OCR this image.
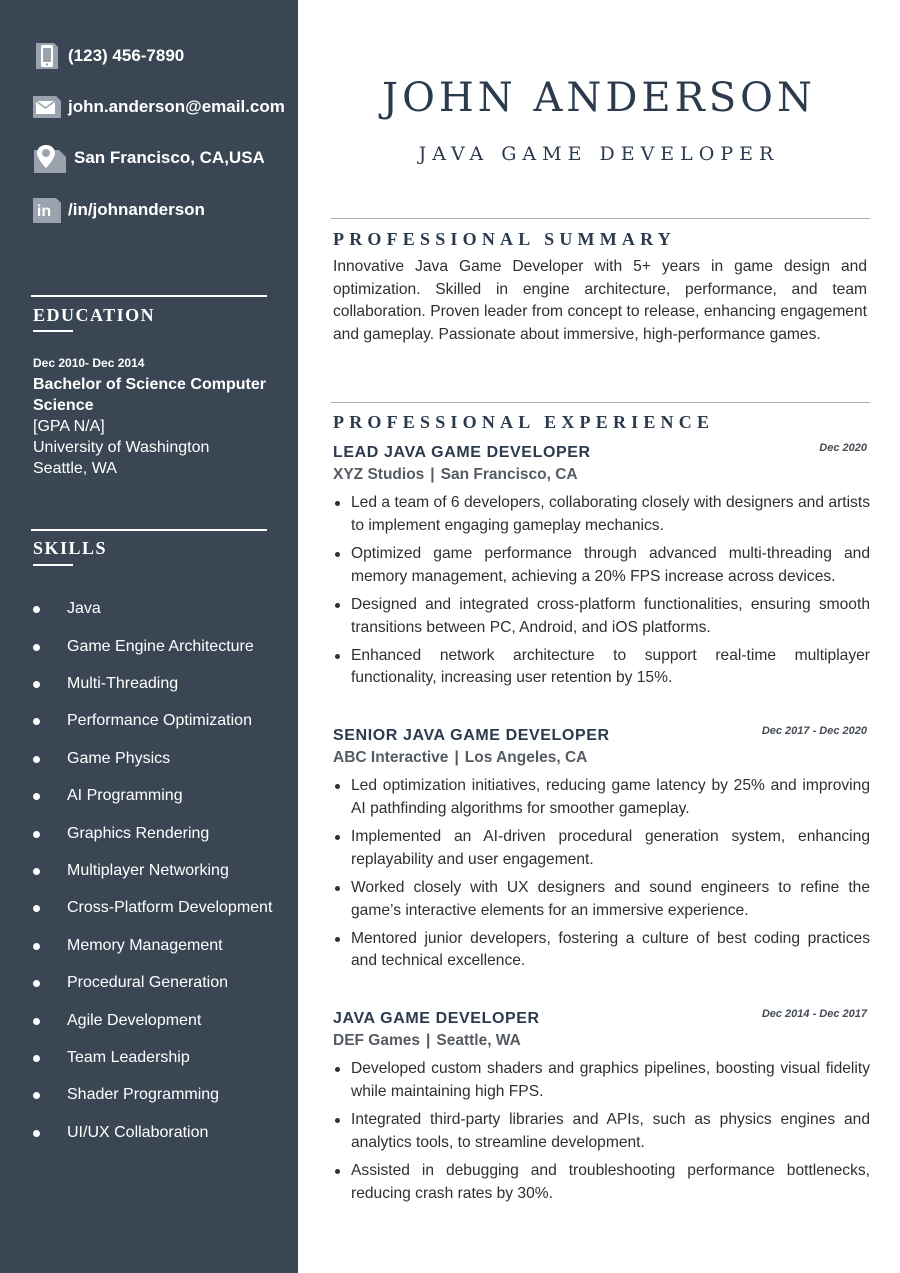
(123) 456-7890
john.anderson@email.com
San Francisco, CA,USA
in /in/johnanderson
EDUCATION
Dec 2010- Dec 2014
Bachelor of Science Computer Science
[GPA N/A]
University of Washington
Seattle, WA
SKILLS
Java
Game Engine Architecture
Multi-Threading
Performance Optimization
Game Physics
AI Programming
Graphics Rendering
Multiplayer Networking
Cross-Platform Development
Memory Management
Procedural Generation
Agile Development
Team Leadership
Shader Programming
UI/UX Collaboration
JOHN ANDERSON
JAVA GAME DEVELOPER
PROFESSIONAL SUMMARY

Innovative Java Game Developer with 5+ years in game design and optimization. Skilled in engine architecture, performance, and team collaboration. Proven leader from concept to release, enhancing engagement and gameplay. Passionate about immersive, high-performance games.

PROFESSIONAL EXPERIENCE
LEAD JAVA GAME DEVELOPER	Dec 2020
XYZ Studios | San Francisco, CA
Led a team of 6 developers, collaborating closely with designers and artists to implement engaging gameplay mechanics.
Optimized game performance through advanced multi-threading and memory management, achieving a 20% FPS increase across devices.
Designed and integrated cross-platform functionalities, ensuring smooth transitions between PC, Android, and iOS platforms.
Enhanced network architecture to support real-time multiplayer functionality, increasing user retention by 15%.
SENIOR JAVA GAME DEVELOPER	Dec 2017 - Dec 2020
ABC Interactive | Los Angeles, CA
Led optimization initiatives, reducing game latency by 25% and improving AI pathfinding algorithms for smoother gameplay.
Implemented an AI-driven procedural generation system, enhancing replayability and user engagement.
Worked closely with UX designers and sound engineers to refine the game’s interactive elements for an immersive experience.
Mentored junior developers, fostering a culture of best coding practices and technical excellence.
JAVA GAME DEVELOPER	Dec 2014 - Dec 2017
DEF Games | Seattle, WA
Developed custom shaders and graphics pipelines, boosting visual fidelity while maintaining high FPS.
Integrated third-party libraries and APIs, such as physics engines and analytics tools, to streamline development.
Assisted in debugging and troubleshooting performance bottlenecks, reducing crash rates by 30%.
